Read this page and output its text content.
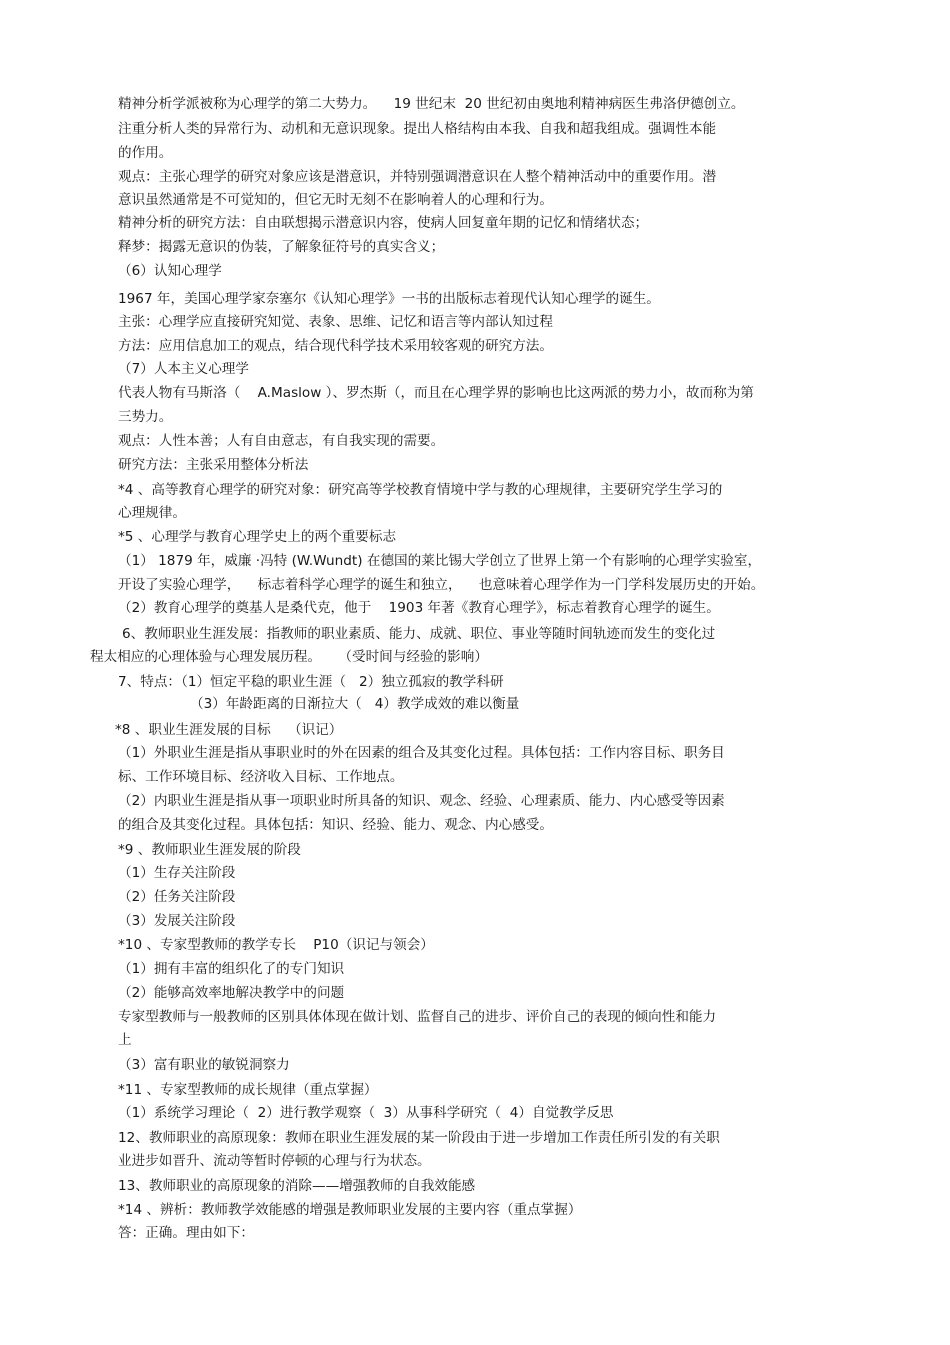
精神分析学派被称为心理学的第二大势力。    19 世纪末  20 世纪初由奥地利精神病医生弗洛伊德创立。
注重分析人类的异常行为、动机和无意识现象。提出人格结构由本我、自我和超我组成。强调性本能
的作用。
观点：主张心理学的研究对象应该是潜意识，并特别强调潜意识在人整个精神活动中的重要作用。潜
意识虽然通常是不可觉知的，但它无时无刻不在影响着人的心理和行为。
精神分析的研究方法：自由联想揭示潜意识内容，使病人回复童年期的记忆和情绪状态；
释梦：揭露无意识的伪装，了解象征符号的真实含义；
（6）认知心理学
1967 年，美国心理学家奈塞尔《认知心理学》一书的出版标志着现代认知心理学的诞生。
主张：心理学应直接研究知觉、表象、思维、记忆和语言等内部认知过程
方法：应用信息加工的观点，结合现代科学技术采用较客观的研究方法。
（7）人本主义心理学
代表人物有马斯洛（    A.Maslow ）、罗杰斯（，而且在心理学界的影响也比这两派的势力小，故而称为第
三势力。
观点：人性本善；人有自由意志，有自我实现的需要。
研究方法：主张采用整体分析法
*4 、高等教育心理学的研究对象：研究高等学校教育情境中学与教的心理规律，主要研究学生学习的
心理规律。
*5 、心理学与教育心理学史上的两个重要标志
（1） 1879 年，威廉 ·冯特 (W.Wundt) 在德国的莱比锡大学创立了世界上第一个有影响的心理学实验室，
开设了实验心理学，    标志着科学心理学的诞生和独立，    也意味着心理学作为一门学科发展历史的开始。
（2）教育心理学的奠基人是桑代克，他于    1903 年著《教育心理学》，标志着教育心理学的诞生。
6、教师职业生涯发展：指教师的职业素质、能力、成就、职位、事业等随时间轨迹而发生的变化过
程太相应的心理体验与心理发展历程。    （受时间与经验的影响）
7、特点：（1）恒定平稳的职业生涯（   2）独立孤寂的教学科研
（3）年龄距离的日渐拉大（   4）教学成效的难以衡量
*8 、职业生涯发展的目标    （识记）
（1）外职业生涯是指从事职业时的外在因素的组合及其变化过程。具体包括：工作内容目标、职务目
标、工作环境目标、经济收入目标、工作地点。
（2）内职业生涯是指从事一项职业时所具备的知识、观念、经验、心理素质、能力、内心感受等因素
的组合及其变化过程。具体包括：知识、经验、能力、观念、内心感受。
*9 、教师职业生涯发展的阶段
（1）生存关注阶段
（2）任务关注阶段
（3）发展关注阶段
*10 、专家型教师的教学专长    P10（识记与领会）
（1）拥有丰富的组织化了的专门知识
（2）能够高效率地解决教学中的问题
专家型教师与一般教师的区别具体体现在做计划、监督自己的进步、评价自己的表现的倾向性和能力
上
（3）富有职业的敏锐洞察力
*11 、专家型教师的成长规律（重点掌握）
（1）系统学习理论（  2）进行教学观察（  3）从事科学研究（  4）自觉教学反思
12、教师职业的高原现象：教师在职业生涯发展的某一阶段由于进一步增加工作责任所引发的有关职
业进步如晋升、流动等暂时停顿的心理与行为状态。
13、教师职业的高原现象的消除——增强教师的自我效能感
*14 、辨析：教师教学效能感的增强是教师职业发展的主要内容（重点掌握）
答：正确。理由如下：
